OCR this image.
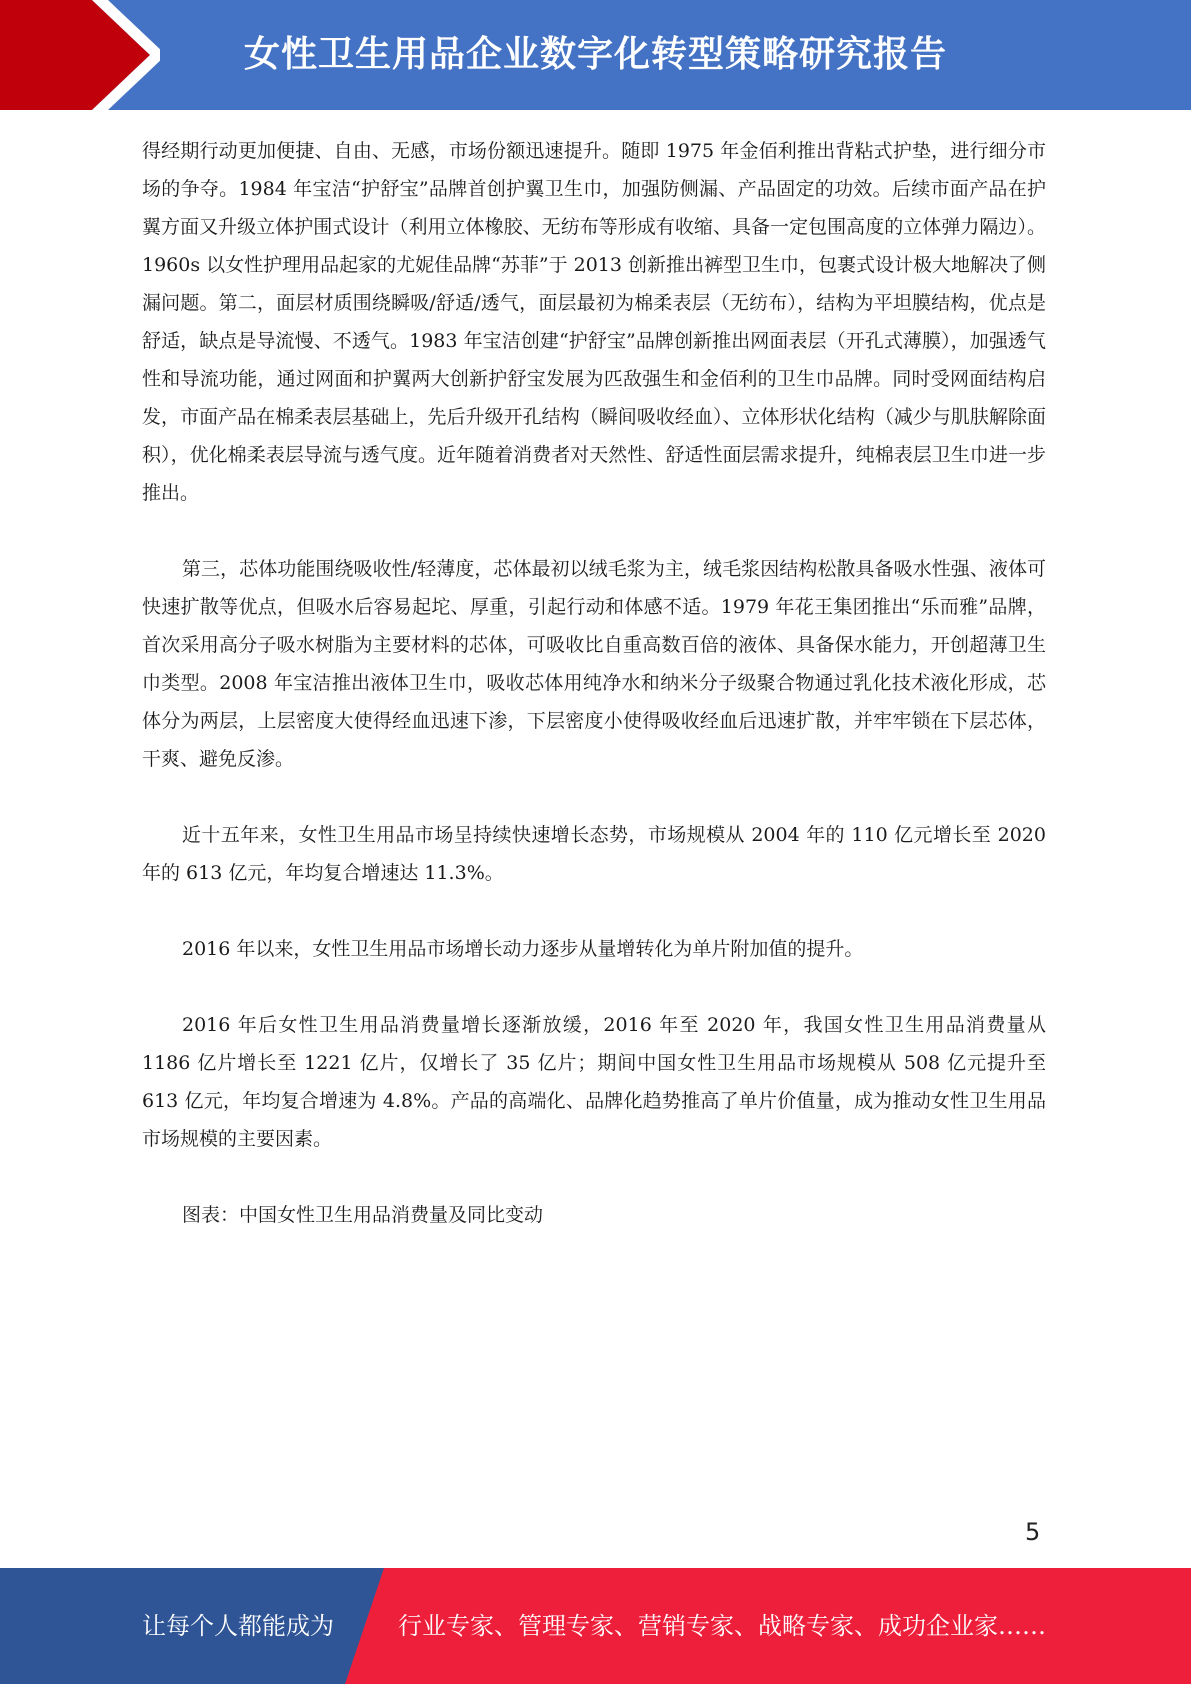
女性卫生用品企业数字化转型策略研究报告

得经期行动更加便捷、自由、无感，市场份额迅速提升。随即 1975 年金佰利推出背粘式护垫，进行细分市场的争夺。1984 年宝洁“护舒宝”品牌首创护翼卫生巾，加强防侧漏、产品固定的功效。后续市面产品在护翼方面又升级立体护围式设计（利用立体橡胶、无纺布等形成有收缩、具备一定包围高度的立体弹力隔边）。1960s 以女性护理用品起家的尤妮佳品牌“苏菲”于 2013 创新推出裤型卫生巾，包裹式设计极大地解决了侧漏问题。第二，面层材质围绕瞬吸/舒适/透气，面层最初为棉柔表层（无纺布），结构为平坦膜结构，优点是舒适，缺点是导流慢、不透气。1983 年宝洁创建“护舒宝”品牌创新推出网面表层（开孔式薄膜），加强透气性和导流功能，通过网面和护翼两大创新护舒宝发展为匹敌强生和金佰利的卫生巾品牌。同时受网面结构启发，市面产品在棉柔表层基础上，先后升级开孔结构（瞬间吸收经血）、立体形状化结构（减少与肌肤解除面积），优化棉柔表层导流与透气度。近年随着消费者对天然性、舒适性面层需求提升，纯棉表层卫生巾进一步推出。

第三，芯体功能围绕吸收性/轻薄度，芯体最初以绒毛浆为主，绒毛浆因结构松散具备吸水性强、液体可快速扩散等优点，但吸水后容易起坨、厚重，引起行动和体感不适。1979 年花王集团推出“乐而雅”品牌，首次采用高分子吸水树脂为主要材料的芯体，可吸收比自重高数百倍的液体、具备保水能力，开创超薄卫生巾类型。2008 年宝洁推出液体卫生巾，吸收芯体用纯净水和纳米分子级聚合物通过乳化技术液化形成，芯体分为两层，上层密度大使得经血迅速下渗，下层密度小使得吸收经血后迅速扩散，并牢牢锁在下层芯体，干爽、避免反渗。

近十五年来，女性卫生用品市场呈持续快速增长态势，市场规模从 2004 年的 110 亿元增长至 2020 年的 613 亿元，年均复合增速达 11.3%。

2016 年以来，女性卫生用品市场增长动力逐步从量增转化为单片附加值的提升。

2016 年后女性卫生用品消费量增长逐渐放缓，2016 年至 2020 年，我国女性卫生用品消费量从 1186 亿片增长至 1221 亿片，仅增长了 35 亿片；期间中国女性卫生用品市场规模从 508 亿元提升至 613 亿元，年均复合增速为 4.8%。产品的高端化、品牌化趋势推高了单片价值量，成为推动女性卫生用品市场规模的主要因素。

图表：中国女性卫生用品消费量及同比变动

5
让每个人都能成为	行业专家、管理专家、营销专家、战略专家、成功企业家……
